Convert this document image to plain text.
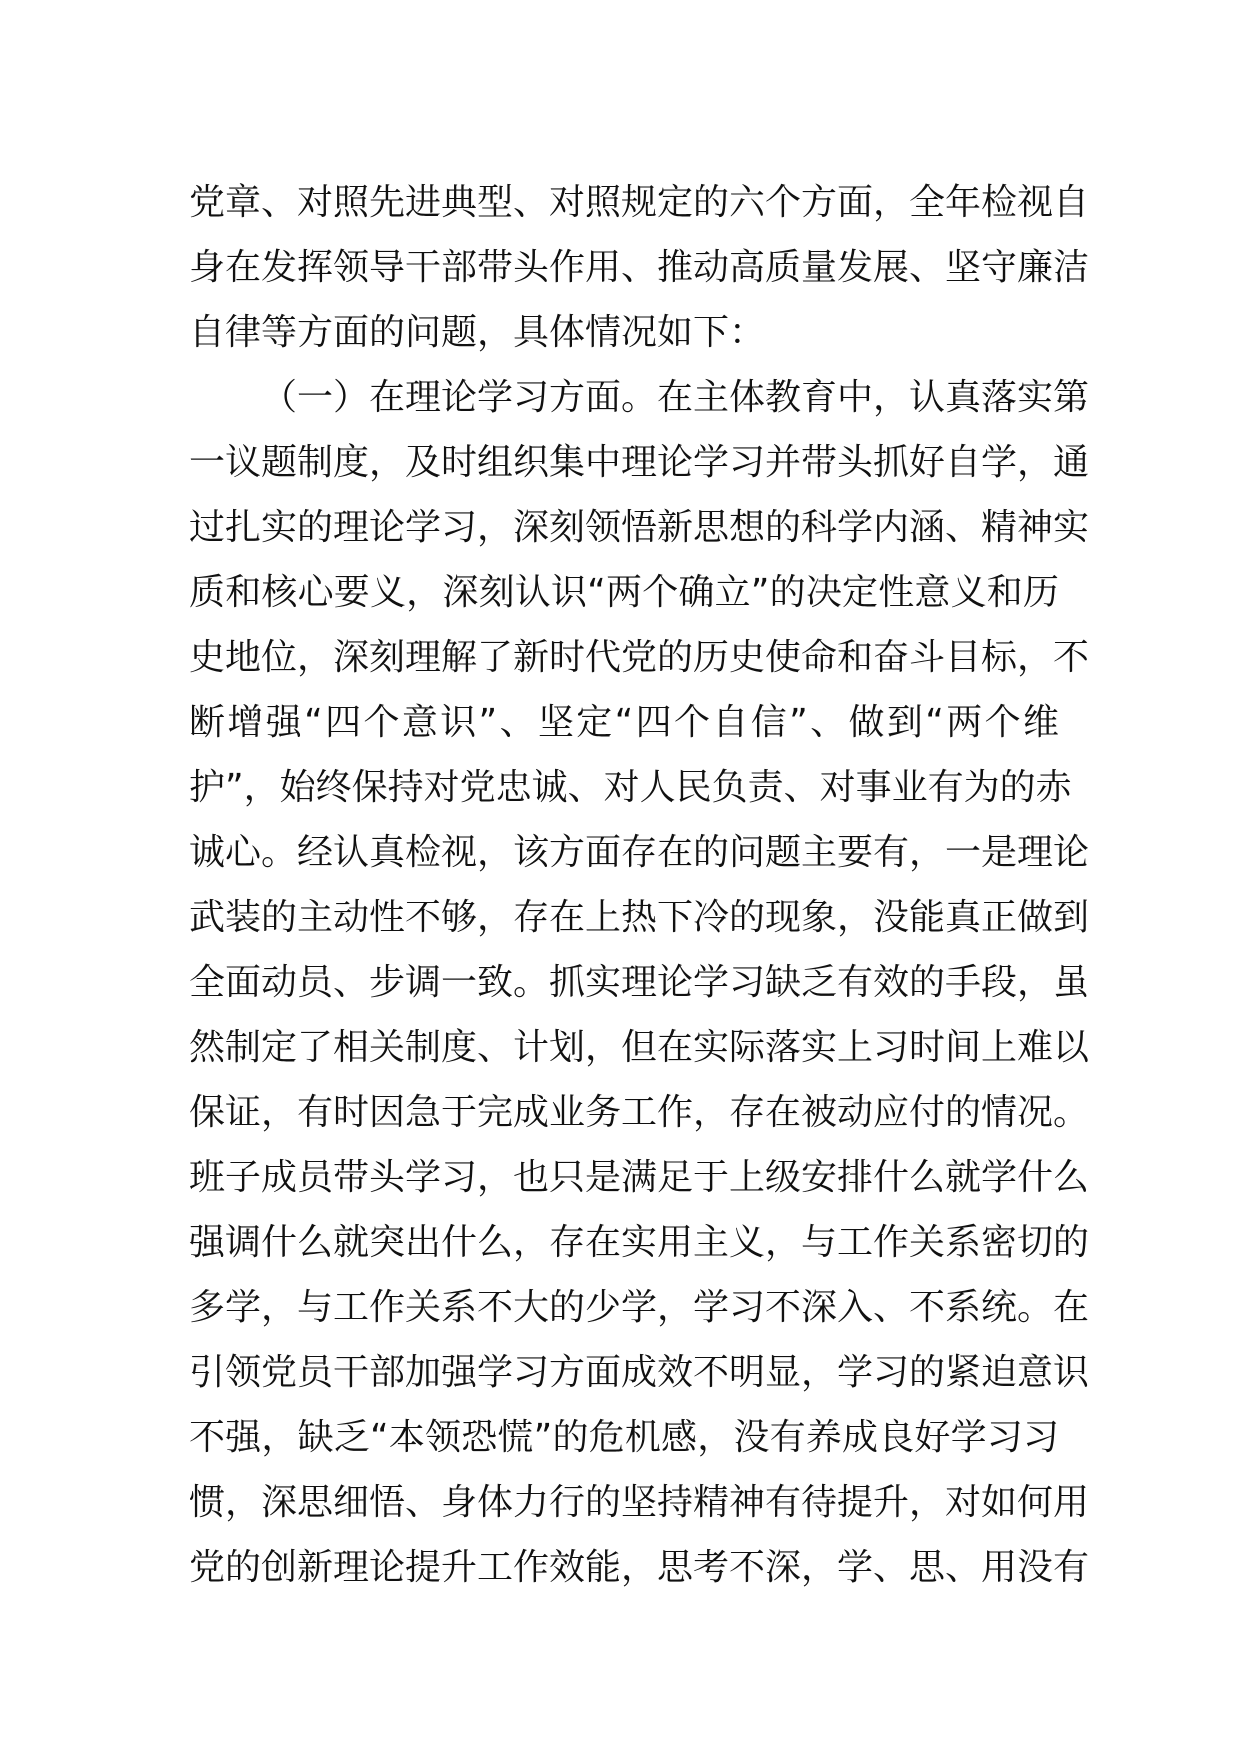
党章、对照先进典型、对照规定的六个方面，全年检视自
身在发挥领导干部带头作用、推动高质量发展、坚守廉洁
自律等方面的问题，具体情况如下：
（一）在理论学习方面。在主体教育中，认真落实第
一议题制度，及时组织集中理论学习并带头抓好自学，通
过扎实的理论学习，深刻领悟新思想的科学内涵、精神实
质和核心要义，深刻认识“两个确立”的决定性意义和历
史地位，深刻理解了新时代党的历史使命和奋斗目标，不
断增强“四个意识”、坚定“四个自信”、做到“两个维
护”，始终保持对党忠诚、对人民负责、对事业有为的赤
诚心。经认真检视，该方面存在的问题主要有，一是理论
武装的主动性不够，存在上热下冷的现象，没能真正做到
全面动员、步调一致。抓实理论学习缺乏有效的手段，虽
然制定了相关制度、计划，但在实际落实上习时间上难以
保证，有时因急于完成业务工作，存在被动应付的情况。
班子成员带头学习，也只是满足于上级安排什么就学什么
强调什么就突出什么，存在实用主义，与工作关系密切的
多学，与工作关系不大的少学，学习不深入、不系统。在
引领党员干部加强学习方面成效不明显，学习的紧迫意识
不强，缺乏“本领恐慌”的危机感，没有养成良好学习习
惯，深思细悟、身体力行的坚持精神有待提升，对如何用
党的创新理论提升工作效能，思考不深，学、思、用没有
